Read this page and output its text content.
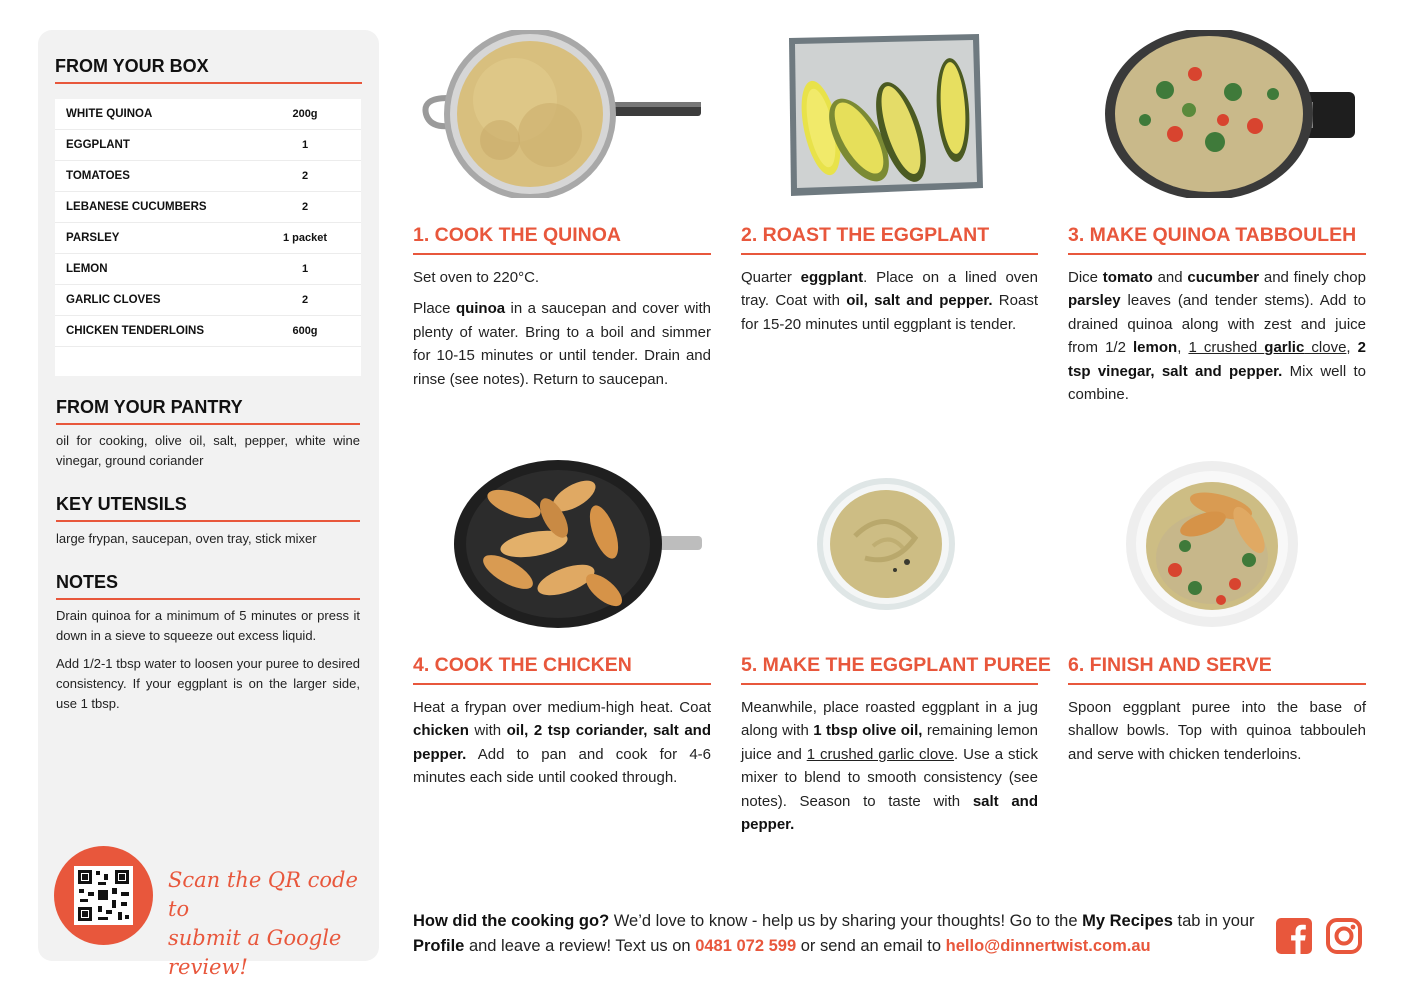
FROM YOUR BOX
WHITE QUINOA	200g
EGGPLANT	1
TOMATOES	2
LEBANESE CUCUMBERS	2
PARSLEY	1 packet
LEMON	1
GARLIC CLOVES	2
CHICKEN TENDERLOINS	600g
FROM YOUR PANTRY
oil for cooking, olive oil, salt, pepper, white wine vinegar, ground coriander
KEY UTENSILS
large frypan, saucepan, oven tray, stick mixer
NOTES
Drain quinoa for a minimum of 5 minutes or press it down in a sieve to squeeze out excess liquid.
Add 1/2-1 tbsp water to loosen your puree to desired consistency. If your eggplant is on the larger side, use 1 tbsp.
Scan the QR code to
submit a Google review!
1. COOK THE QUINOA

Set oven to 220°C.

Place quinoa in a saucepan and cover with plenty of water. Bring to a boil and simmer for 10-15 minutes or until tender. Drain and rinse (see notes). Return to saucepan.

2. ROAST THE EGGPLANT

Quarter eggplant. Place on a lined oven tray. Coat with oil, salt and pepper. Roast for 15-20 minutes until eggplant is tender.

3. MAKE QUINOA TABBOULEH

Dice tomato and cucumber and finely chop parsley leaves (and tender stems). Add to drained quinoa along with zest and juice from 1/2 lemon, 1 crushed garlic clove, 2 tsp vinegar, salt and pepper. Mix well to combine.

4. COOK THE CHICKEN

Heat a frypan over medium-high heat. Coat chicken with oil, 2 tsp coriander, salt and pepper. Add to pan and cook for 4-6 minutes each side until cooked through.

5. MAKE THE EGGPLANT PUREE

Meanwhile, place roasted eggplant in a jug along with 1 tbsp olive oil, remaining lemon juice and 1 crushed garlic clove. Use a stick mixer to blend to smooth consistency (see notes). Season to taste with salt and pepper.

6. FINISH AND SERVE

Spoon eggplant puree into the base of shallow bowls. Top with quinoa tabbouleh and serve with chicken tenderloins.

How did the cooking go? We’d love to know - help us by sharing your thoughts! Go to the My Recipes tab in your Profile and leave a review! Text us on 0481 072 599 or send an email to hello@dinnertwist.com.au
